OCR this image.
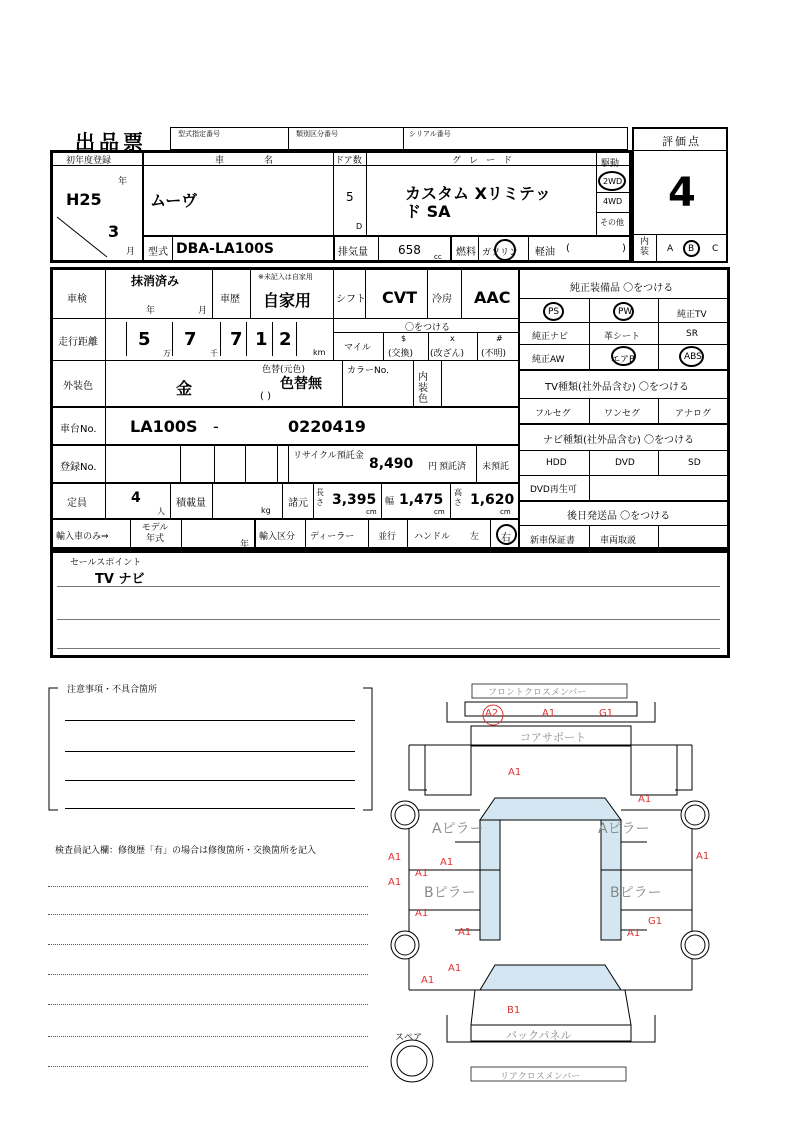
出品票	型式指定番号	類別区分番号	シリアル番号
評価点
4
内装 A B C
初年度登録	車名 ドア数	グレード
年
H25
3
月
ムーヴ	5
D
カスタム Xリミテッ
ド SA
駆動
2WD
4WD
その他
型式 DBA-LA100S	排気量	658 cc 燃料 ガソリン 軽油 (	)
車検
抹消済み
年	月
車歴
※未記入は自家用
自家用 シフト CVT 冷房 AAC
走行距離 5
万
7
千
7 1 2
km
〇をつける
マイル
$
(交換)
x
(改ざん)
#
(不明)
外装色	金
色替(元色)
色替無
( )
カラーNo.
内装色
車台No. LA100S -	0220419
登録No.
リサイクル預託金 8,490 円 預託済 未預託
定員	4
人
積載量
kg
諸元
長さ 3,395
cm
幅 1,475
cm
高さ 1,620
cm
輸入車のみ⇒
モデル年式
年
輸入区分 ディーラー	並行 ハンドル 左 右
純正装備品 〇をつける
PS	PW	純正TV
純正ナビ	革シート	SR
純正AW	エアB	ABS
TV種類(社外品含む) 〇をつける
フルセグ	ワンセグ	アナログ
ナビ種類(社外品含む) 〇をつける
HDD	DVD	SD
DVD再生可
後日発送品 〇をつける
新車保証書	車両取説
セールスポイント
TV ナビ
注意事項・不具合箇所
検査員記入欄：修復歴「有」の場合は修復箇所・交換箇所を記入
フロントクロスメンバー
コアサポート
Aピラー	Aピラー
Bピラー	Bピラー
バックパネル
リアクロスメンバー
スペア
A2	A1	G1
A1
A1
A1	A1
A1
A1
A1
A1
A1
G1
A1
A1
A1
B1
